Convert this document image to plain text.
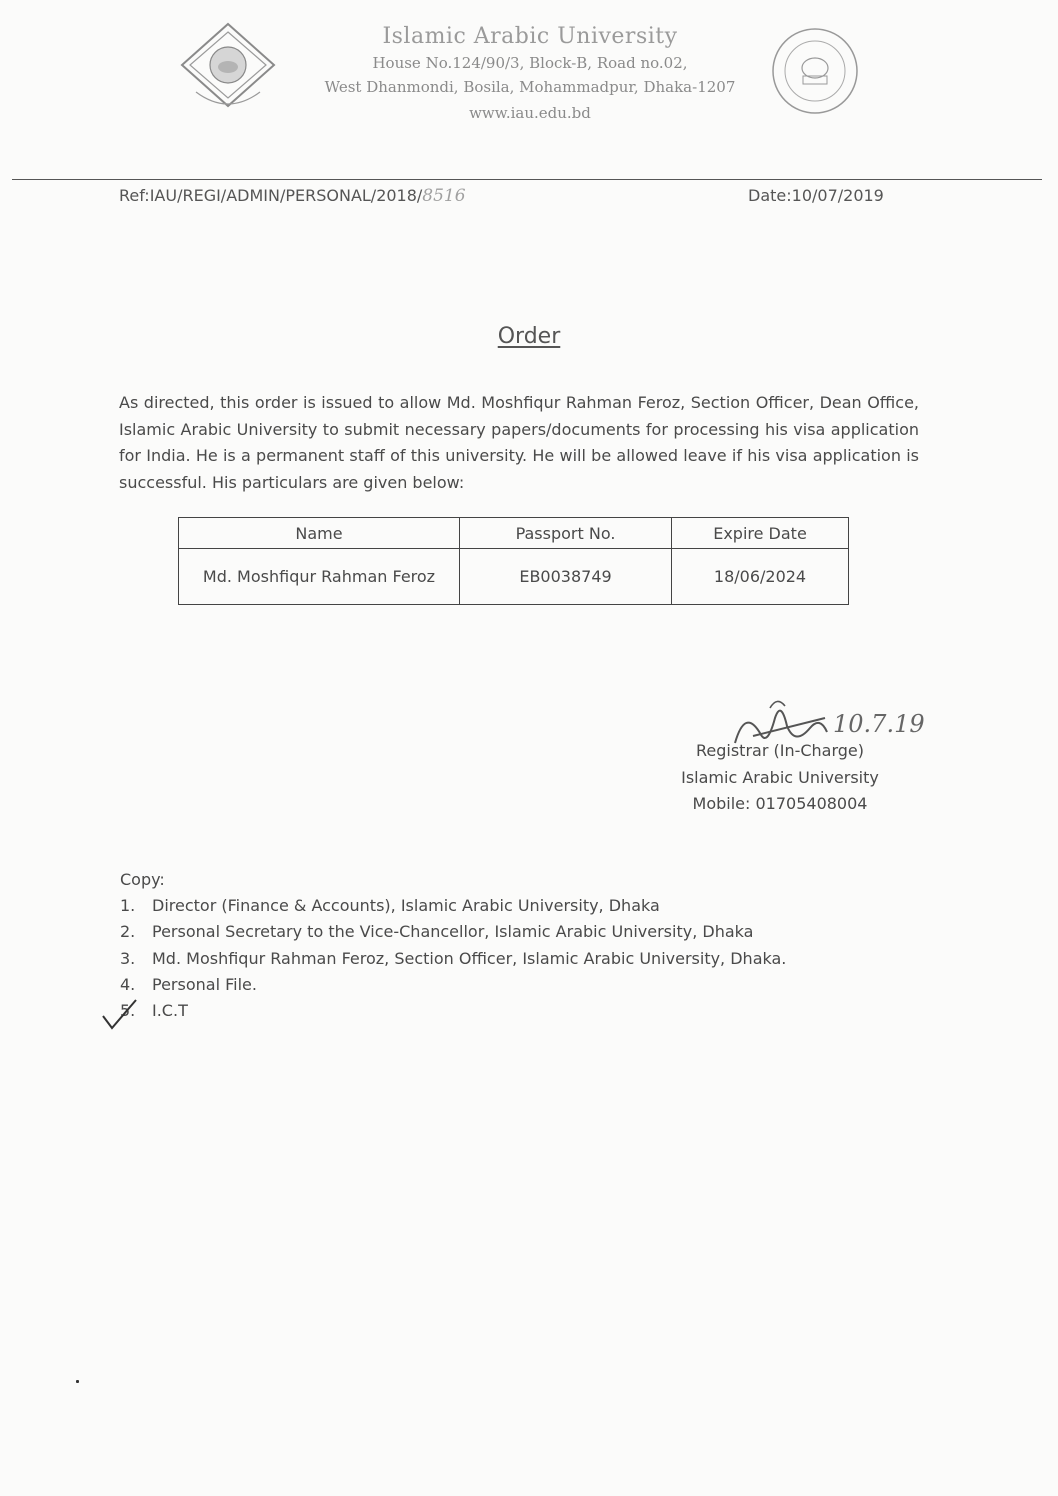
Islamic Arabic University
House No.124/90/3, Block-B, Road no.02,
West Dhanmondi, Bosila, Mohammadpur, Dhaka-1207
www.iau.edu.bd
Ref:IAU/REGI/ADMIN/PERSONAL/2018/8516	Date:10/07/2019
Order
As directed, this order is issued to allow Md. Moshfiqur Rahman Feroz, Section Officer, Dean Office, Islamic Arabic University to submit necessary papers/documents for processing his visa application for India. He is a permanent staff of this university. He will be allowed leave if his visa application is successful. His particulars are given below:
Name	Passport No.	Expire Date
Md. Moshfiqur Rahman Feroz	EB0038749	18/06/2024
10.7.19
Registrar (In-Charge)
Islamic Arabic University
Mobile: 01705408004
Copy:
1.	Director (Finance & Accounts), Islamic Arabic University, Dhaka
2.	Personal Secretary to the Vice-Chancellor, Islamic Arabic University, Dhaka
3.	Md. Moshfiqur Rahman Feroz, Section Officer, Islamic Arabic University, Dhaka.
4.	Personal File.
5.	I.C.T
